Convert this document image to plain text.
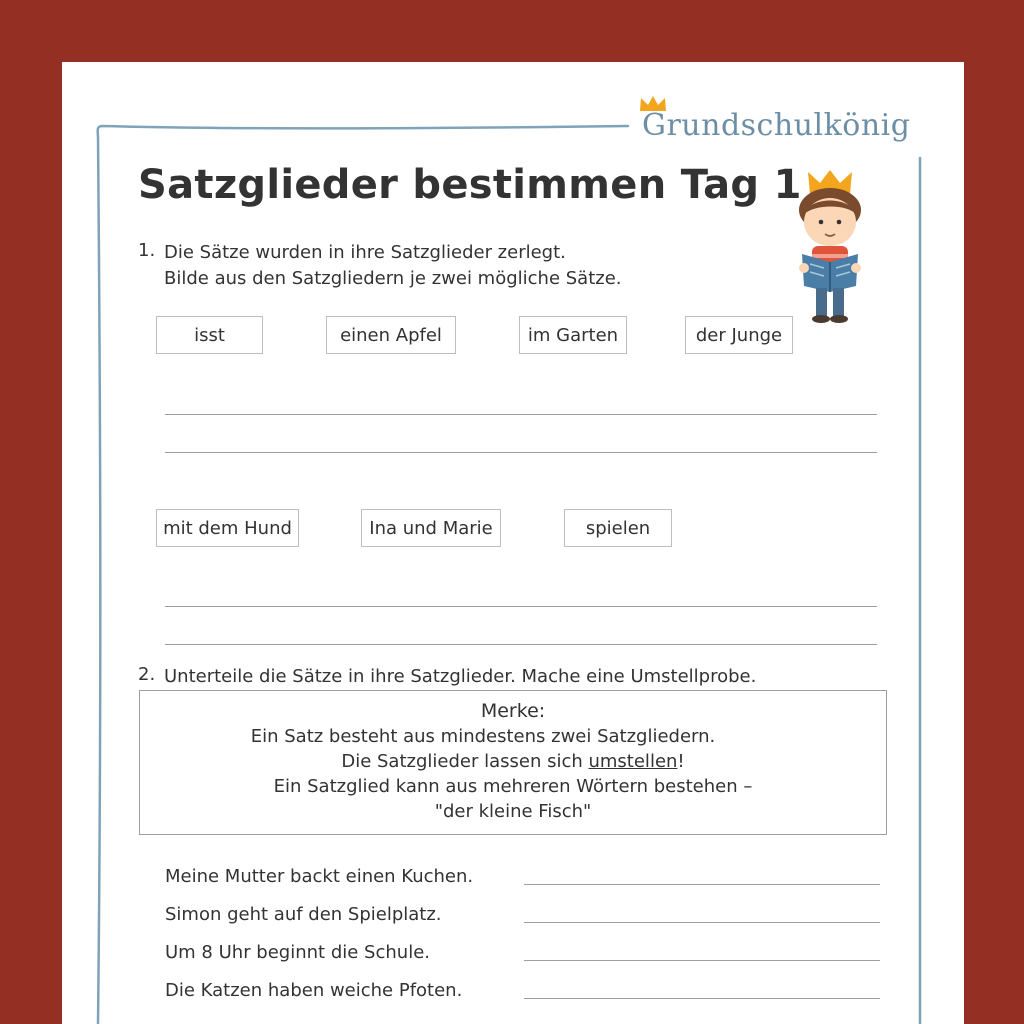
Grundschulkönig
Satzglieder bestimmen Tag 1
1. Die Sätze wurden in ihre Satzglieder zerlegt.
Bilde aus den Satzgliedern je zwei mögliche Sätze.
isst	einen Apfel	im Garten	der Junge
mit dem Hund	Ina und Marie	spielen
2. Unterteile die Sätze in ihre Satzglieder. Mache eine Umstellprobe.
Merke:
Ein Satz besteht aus mindestens zwei Satzgliedern.
Die Satzglieder lassen sich umstellen!
Ein Satzglied kann aus mehreren Wörtern bestehen –
"der kleine Fisch"
Meine Mutter backt einen Kuchen.
Simon geht auf den Spielplatz.
Um 8 Uhr beginnt die Schule.
Die Katzen haben weiche Pfoten.
